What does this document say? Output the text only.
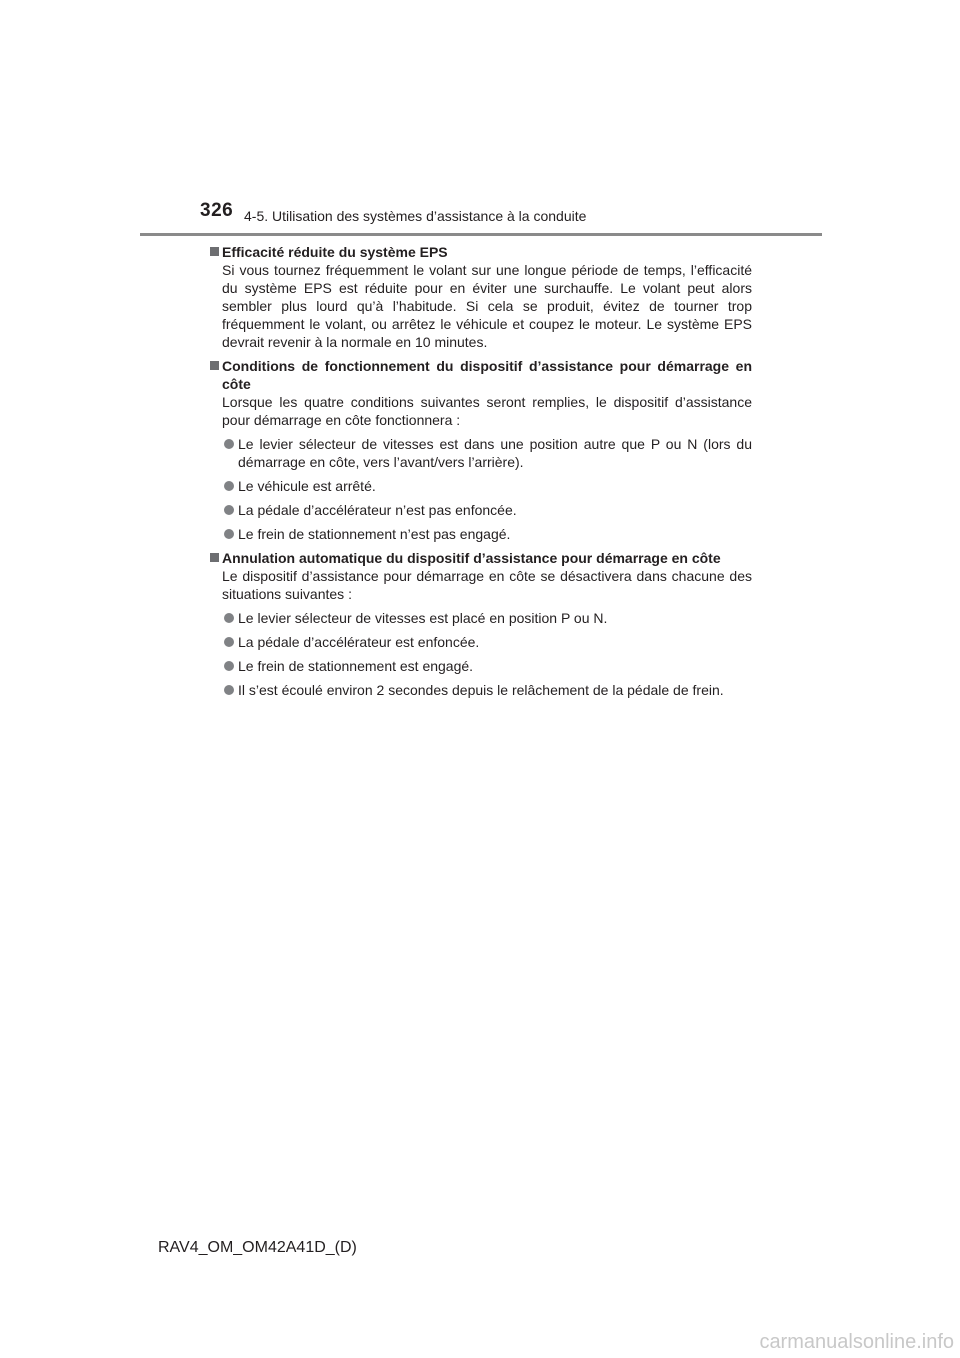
326 4-5. Utilisation des systèmes d’assistance à la conduite
Efficacité réduite du système EPS
Si vous tournez fréquemment le volant sur une longue période de temps, l’efficacité du système EPS est réduite pour en éviter une surchauffe. Le volant peut alors sembler plus lourd qu’à l’habitude. Si cela se produit, évitez de tourner trop fréquemment le volant, ou arrêtez le véhicule et coupez le moteur. Le système EPS devrait revenir à la normale en 10 minutes.
Conditions de fonctionnement du dispositif d’assistance pour démarrage en côte
Lorsque les quatre conditions suivantes seront remplies, le dispositif d’assistance pour démarrage en côte fonctionnera :
Le levier sélecteur de vitesses est dans une position autre que P ou N (lors du démarrage en côte, vers l’avant/vers l’arrière).
Le véhicule est arrêté.
La pédale d’accélérateur n’est pas enfoncée.
Le frein de stationnement n’est pas engagé.
Annulation automatique du dispositif d’assistance pour démarrage en côte
Le dispositif d’assistance pour démarrage en côte se désactivera dans chacune des situations suivantes :
Le levier sélecteur de vitesses est placé en position P ou N.
La pédale d’accélérateur est enfoncée.
Le frein de stationnement est engagé.
Il s’est écoulé environ 2 secondes depuis le relâchement de la pédale de frein.
RAV4_OM_OM42A41D_(D)
carmanualsonline.info
